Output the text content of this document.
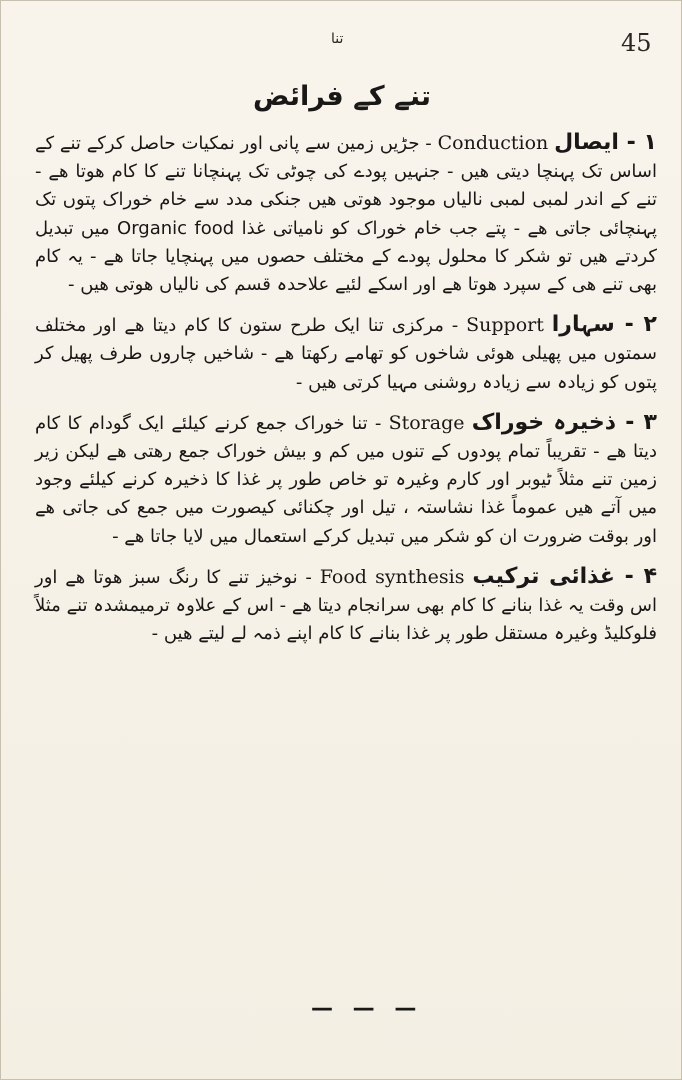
تنا	45
تنے کے فرائض

۱ - ایصال Conduction - جڑیں زمین سے پانی اور نمکیات حاصل کرکے تنے کے اساس تک پہنچا دیتی ھیں - جنہیں پودے کی چوٹی تک پہنچانا تنے کا کام ھوتا ھے - تنے کے اندر لمبی لمبی نالیاں موجود ھوتی ھیں جنکی مدد سے خام خوراک پتوں تک پہنچائی جاتی ھے - پتے جب خام خوراک کو نامیاتی غذا Organic food میں تبدیل کردتے ھیں تو شکر کا محلول پودے کے مختلف حصوں میں پہنچایا جاتا ھے - یہ کام بھی تنے ھی کے سپرد ھوتا ھے اور اسکے لئیے علاحدہ قسم کی نالیاں ھوتی ھیں -

۲ - سہارا Support - مرکزی تنا ایک طرح ستون کا کام دیتا ھے اور مختلف سمتوں میں پھیلی ھوئی شاخوں کو تھامے رکھتا ھے - شاخیں چاروں طرف پھیل کر پتوں کو زیادہ سے زیادہ روشنی مہیا کرتی ھیں -

۳ - ذخیرہ خوراک Storage - تنا خوراک جمع کرنے کیلئے ایک گودام کا کام دیتا ھے - تقریباً تمام پودوں کے تنوں میں کم و بیش خوراک جمع رھتی ھے لیکن زیر زمین تنے مثلاً ٹیوبر اور کارم وغیرہ تو خاص طور پر غذا کا ذخیرہ کرنے کیلئے وجود میں آتے ھیں عموماً غذا نشاستہ ، تیل اور چکنائی کیصورت میں جمع کی جاتی ھے اور بوقت ضرورت ان کو شکر میں تبدیل کرکے استعمال میں لایا جاتا ھے -

۴ - غذائی ترکیب Food synthesis - نوخیز تنے کا رنگ سبز ھوتا ھے اور اس وقت یہ غذا بنانے کا کام بھی سرانجام دیتا ھے - اس کے علاوہ ترمیمشدہ تنے مثلاً فلوکلیڈ وغیرہ مستقل طور پر غذا بنانے کا کام اپنے ذمہ لے لیتے ھیں -

— — —
